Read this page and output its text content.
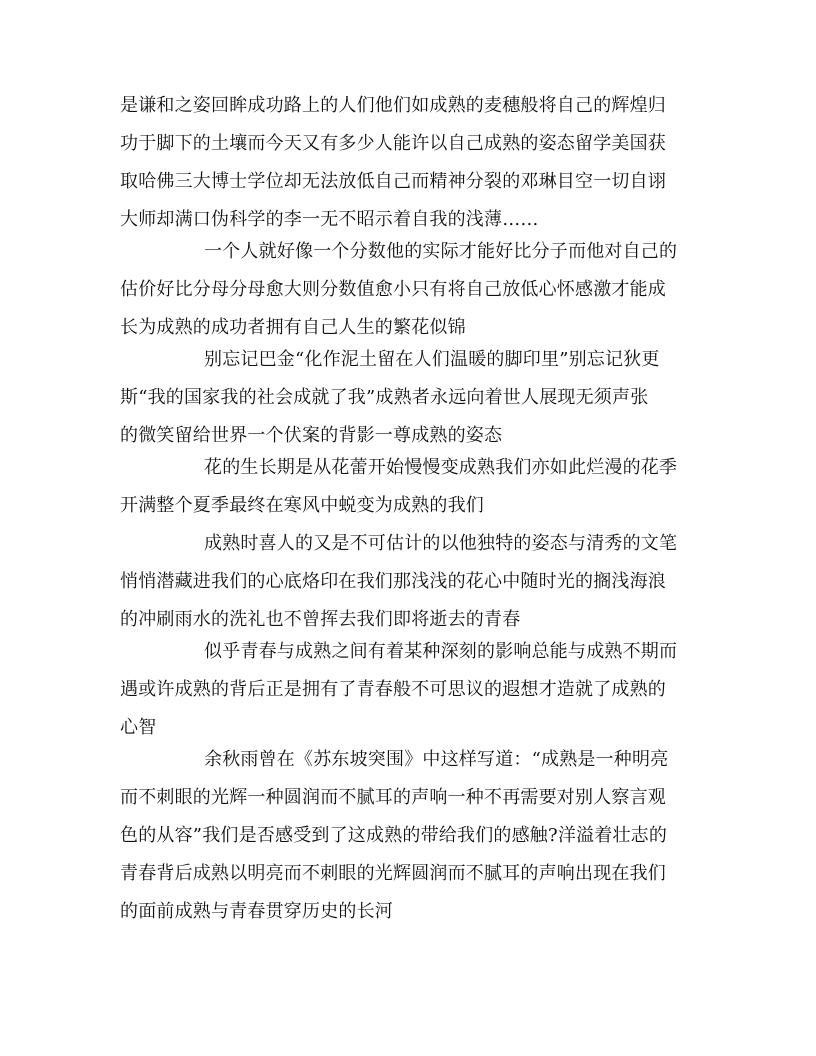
是谦和之姿回眸成功路上的人们他们如成熟的麦穗般将自己的辉煌归
功于脚下的土壤而今天又有多少人能许以自己成熟的姿态留学美国获
取哈佛三大博士学位却无法放低自己而精神分裂的邓琳目空一切自诩
大师却满口伪科学的李一无不昭示着自我的浅薄……
一个人就好像一个分数他的实际才能好比分子而他对自己的
估价好比分母分母愈大则分数值愈小只有将自己放低心怀感激才能成
长为成熟的成功者拥有自己人生的繁花似锦
别忘记巴金“化作泥土留在人们温暖的脚印里”别忘记狄更
斯“我的国家我的社会成就了我”成熟者永远向着世人展现无须声张
的微笑留给世界一个伏案的背影一尊成熟的姿态
花的生长期是从花蕾开始慢慢变成熟我们亦如此烂漫的花季
开满整个夏季最终在寒风中蜕变为成熟的我们
成熟时喜人的又是不可估计的以他独特的姿态与清秀的文笔
悄悄潜藏进我们的心底烙印在我们那浅浅的花心中随时光的搁浅海浪
的冲刷雨水的洗礼也不曾挥去我们即将逝去的青春
似乎青春与成熟之间有着某种深刻的影响总能与成熟不期而
遇或许成熟的背后正是拥有了青春般不可思议的遐想才造就了成熟的
心智
余秋雨曾在《苏东坡突围》中这样写道：“成熟是一种明亮
而不刺眼的光辉一种圆润而不腻耳的声响一种不再需要对别人察言观
色的从容”我们是否感受到了这成熟的带给我们的感触?洋溢着壮志的
青春背后成熟以明亮而不刺眼的光辉圆润而不腻耳的声响出现在我们
的面前成熟与青春贯穿历史的长河
